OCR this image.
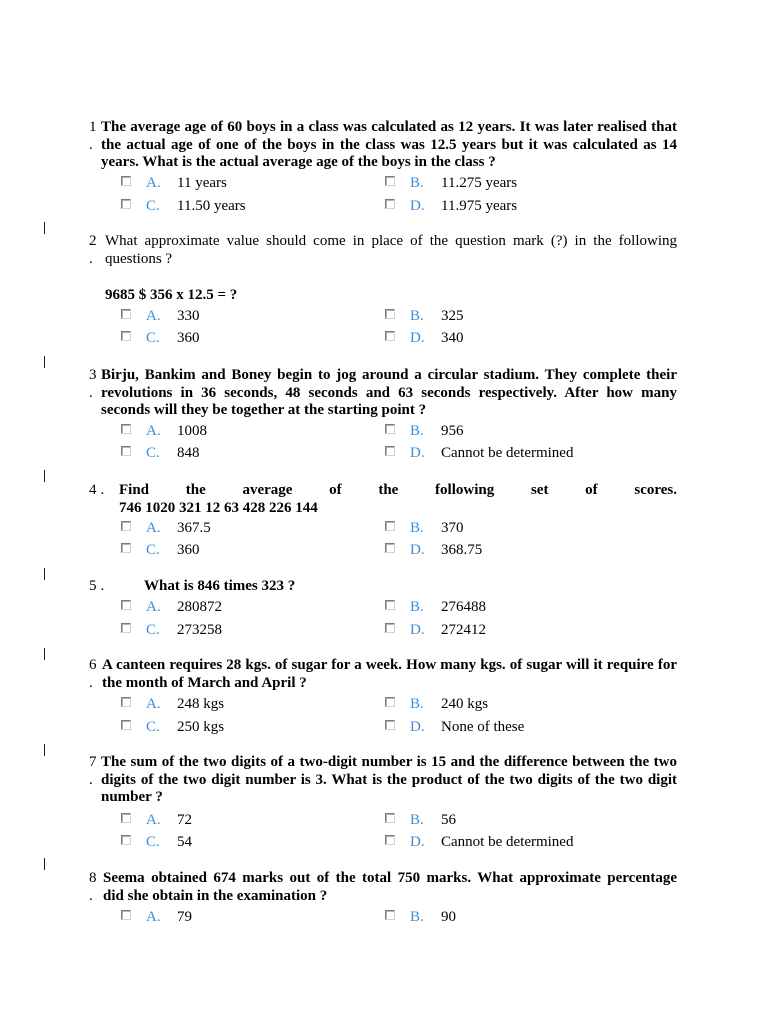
1
.
The average age of 60 boys in a class was calculated as 12 years. It was later realised that
the actual age of one of the boys in the class was 12.5 years but it was calculated as 14
years. What is the actual average age of the boys in the class ?
A. 11 years	B. 11.275 years
C. 11.50 years	D. 11.975 years
2
.
What approximate value should come in place of the question mark (?) in the following
questions ?
9685 $ 356 x 12.5 = ?
A. 330	B. 325
C. 360	D. 340
3
.
Birju, Bankim and Boney begin to jog around a circular stadium. They complete their
revolutions in 36 seconds, 48 seconds and 63 seconds respectively. After how many
seconds will they be together at the starting point ?
A. 1008	B. 956
C. 848	D. Cannot be determined
4 . Find the average of the following set of scores.
746 1020 321 12 63 428 226 144
A. 367.5	B. 370
C. 360	D. 368.75
5 .	What is 846 times 323 ?
A. 280872	B. 276488
C. 273258	D. 272412
6
.
A canteen requires 28 kgs. of sugar for a week. How many kgs. of sugar will it require for
the month of March and April ?
A. 248 kgs	B. 240 kgs
C. 250 kgs	D. None of these
7
.
The sum of the two digits of a two-digit number is 15 and the difference between the two
digits of the two digit number is 3. What is the product of the two digits of the two digit
number ?
A. 72	B. 56
C. 54	D. Cannot be determined
8
.
Seema obtained 674 marks out of the total 750 marks. What approximate percentage
did she obtain in the examination ?
A. 79	B. 90
